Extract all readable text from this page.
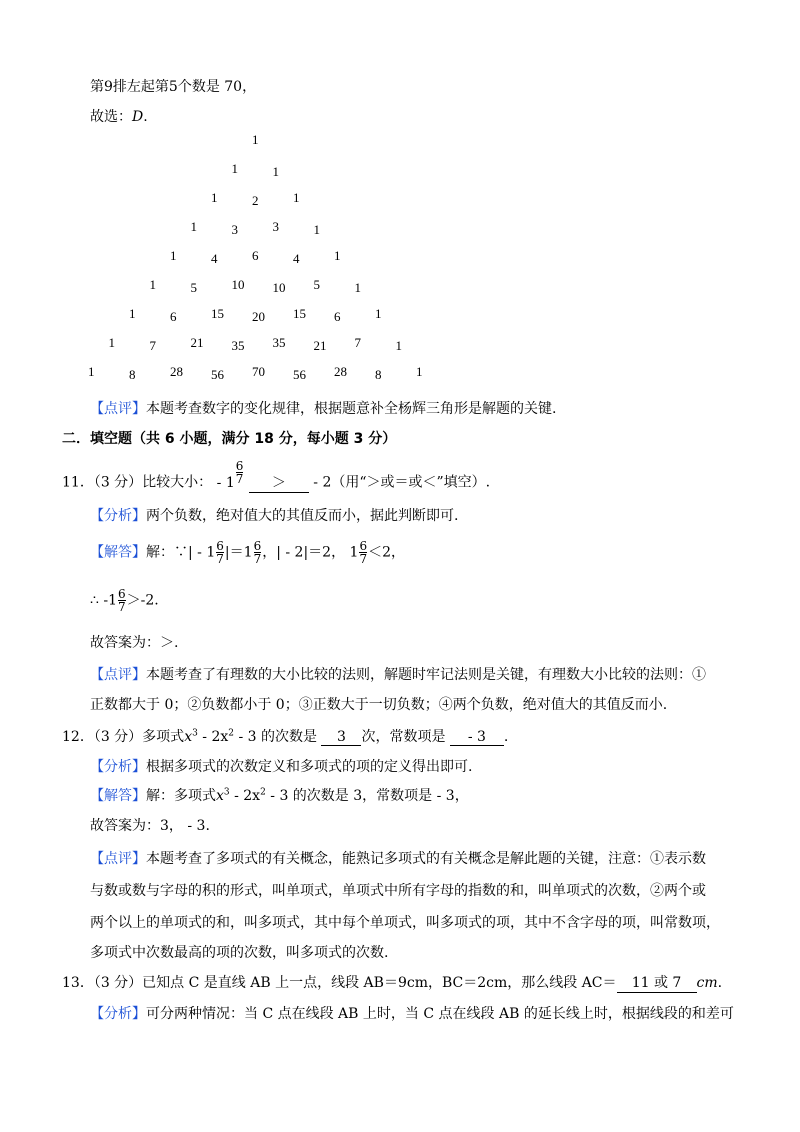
第9排左起第5个数是 70，
故选：D.
1
1	1
1	2	1
1	3	3	1
1	4	6	4	1
1	5	10 10 5	1
1	6	15 20 15 6	1
1	7	21 35 35 21 7	1
1	8	28 56 70 56 28 8	1
【点评】本题考查数字的变化规律，根据题意补全杨辉三角形是解题的关键.
二．填空题（共 6 小题，满分 18 分，每小题 3 分）
11．（3 分）比较大小： - $1 \frac{6}{7}$ ＞ - 2（用“＞或＝或＜”填空）.
【分析】两个负数，绝对值大的其值反而小，据此判断即可.
【解答】解：∵| - $1 \frac{6}{7} |=1 \frac{6}{7}$ ，| - 2|＝2， $1 \frac{6}{7} <2$，
∴ $-1 \frac{6}{7} >-2$.
故答案为：＞.
【点评】本题考查了有理数的大小比较的法则，解题时牢记法则是关键，有理数大小比较的法则：①
正数都大于 0；②负数都小于 0；③正数大于一切负数；④两个负数，绝对值大的其值反而小.
12．（3 分）多项式$x^3 - 2x^2 - 3$ 的次数是 3 次，常数项是 - 3 .
【分析】根据多项式的次数定义和多项式的项的定义得出即可.
【解答】解：多项式$x^3 - 2x^2 - 3$ 的次数是 3，常数项是 - 3，
故答案为：3， - 3.
【点评】本题考查了多项式的有关概念，能熟记多项式的有关概念是解此题的关键，注意：①表示数
与数或数与字母的积的形式，叫单项式，单项式中所有字母的指数的和，叫单项式的次数，②两个或
两个以上的单项式的和，叫多项式，其中每个单项式，叫多项式的项，其中不含字母的项，叫常数项，
多项式中次数最高的项的次数，叫多项式的次数.
13．（3 分）已知点 C 是直线 AB 上一点，线段 AB＝9cm，BC＝2cm，那么线段 AC＝ 11 或 7 cm.
【分析】可分两种情况：当 C 点在线段 AB 上时，当 C 点在线段 AB 的延长线上时，根据线段的和差可
